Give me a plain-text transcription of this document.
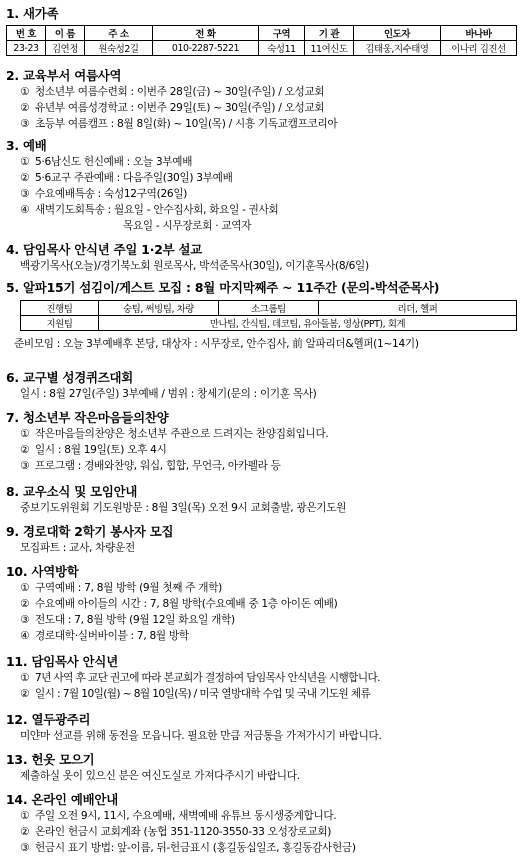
1. 새가족
번 호	이 름	주 소	전 화	구역	기 관	인도자	바나바
23-23	김연정	원숙성2길	010-2287-5221	숙성11	11여신도	김태웅,지수태영	이나리 김진선
2. 교육부서 여름사역
① 청소년부 여름수련회 : 이번주 28일(금) ~ 30일(주일) / 오성교회
② 유년부 여름성경학교 : 이번주 29일(토) ~ 30일(주일) / 오성교회
③ 초등부 여름캠프 : 8월 8일(화) ~ 10일(목) / 시흥 기독교캠프코리아
3. 예배
① 5·6남신도 헌신예배 : 오늘 3부예배
② 5·6교구 주관예배 : 다음주일(30일) 3부예배
③ 수요예배특송 : 숙성12구역(26일)
④ 새벽기도회특송 : 월요일 - 안수집사회, 화요일 - 권사회
목요일 - 시무장로회 · 교역자
4. 담임목사 안식년 주일 1·2부 설교
백광기목사(오늘)/경기북노회 원로목사, 박석준목사(30일), 이기훈목사(8/6일)
5. 알파15기 섬김이/게스트 모집 : 8월 마지막째주 ~ 11주간 (문의-박석준목사)
진행팀	숭팀, 써빙팀, 차량	소그룹팀	리더, 헬퍼
지원팀	만나팀, 간식팀, 데코팀, 유아돌봄, 영상(PPT), 회계		
준비모임 : 오늘 3부예배후 본당, 대상자 : 시무장로, 안수집사, 前 알파리더&헬퍼(1~14기)
6. 교구별 성경퀴즈대회
일시 : 8월 27일(주일) 3부예배 / 범위 : 창세기(문의 : 이기훈 목사)
7. 청소년부 작은마음들의찬양
① 작은마음들의찬양은 청소년부 주관으로 드려지는 찬양집회입니다.
② 일시 : 8월 19일(토) 오후 4시
③ 프로그램 : 경배와찬양, 워십, 힙합, 무언극, 아카펠라 등
8. 교우소식 및 모임안내
중보기도위원회 기도원방문 : 8월 3일(목) 오전 9시 교회출발, 광은기도원
9. 경로대학 2학기 봉사자 모집
모집파트 : 교사, 차량운전
10. 사역방학
① 구역예배 : 7, 8월 방학 (9월 첫째 주 개학)
② 수요예배 아이들의 시간 : 7, 8월 방학(수요예배 중 1층 아이돈 예배)
③ 전도대 : 7, 8월 방학 (9월 12일 화요일 개학)
④ 경로대학·실버바이블 : 7, 8월 방학
11. 담임목사 안식년
① 7년 사역 후 교단 권고에 따라 본교회가 결정하여 담임목사 안식년을 시행합니다.
② 일시 : 7월 10일(월) ~ 8월 10일(목) / 미국 열방대학 수업 및 국내 기도원 체류
12. 열두광주리
미얀마 선교를 위해 동전을 모읍니다. 필요한 만큼 저금통을 가져가시기 바랍니다.
13. 헌옷 모으기
제출하실 옷이 있으신 분은 여신도실로 가져다주시기 바랍니다.
14. 온라인 예배안내
① 주일 오전 9시, 11시, 수요예배, 새벽예배 유튜브 동시생중계합니다.
② 온라인 헌금시 교회계좌 (농협 351-1120-3550-33 오성장로교회)
③ 헌금시 표기 방법: 앞-이름, 뒤-헌금표시 (홍길동십일조, 홍길동감사헌금)
